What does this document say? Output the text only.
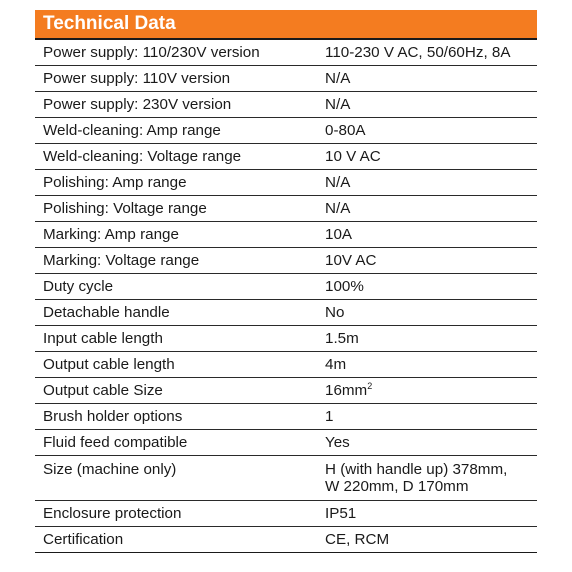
Technical Data
Power supply: 110/230V version	110-230 V AC, 50/60Hz, 8A
Power supply: 110V version	N/A
Power supply: 230V version	N/A
Weld-cleaning: Amp range	0-80A
Weld-cleaning: Voltage range	10 V AC
Polishing: Amp range	N/A
Polishing: Voltage range	N/A
Marking: Amp range	10A
Marking: Voltage range	10V AC
Duty cycle	100%
Detachable handle	No
Input cable length	1.5m
Output cable length	4m
Output cable Size	$16mm^2$
Brush holder options	1
Fluid feed compatible	Yes
Size (machine only)	H (with handle up) 378mm,
W 220mm, D 170mm
Enclosure protection	IP51
Certification	CE, RCM
